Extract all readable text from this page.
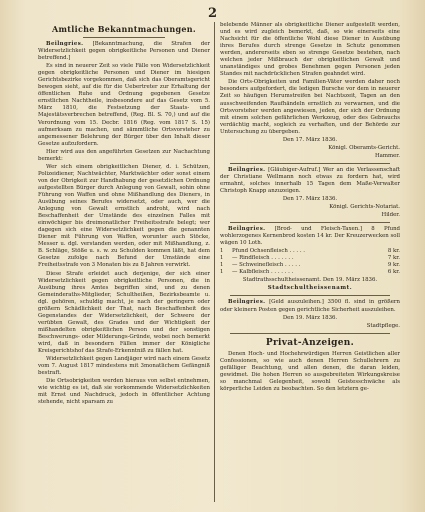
2
Amtliche Bekanntmachungen.

Beilngries. [Bekanntmachung, die Strafen der Widersetzlichkeit gegen obrigkeitliche Personen und Diener betreffend.]

Es sind in neuerer Zeit so viele Fälle von Widersetzlichkeit gegen obrigkeitliche Personen und Diener im hiesigen Gerichtsbezirke vorgekommen, daß sich das Oberamtsgericht bewogen sieht, auf die für die Uebertreter zur Erhaltung der öffentlichen Ruhe und Ordnung gegebenen Gesetze ernstlichen Nachtheile, insbesondere auf das Gesetz vom 5. März 1810, die Festsetzung der Staats- und Majestätsverbrechen betreffend, (Reg. Bl. S. 70,) und auf die Verordnung vom 15. Decbr. 1816 (Reg. vom 1817 S. 15) aufmerksam zu machen, und sämmtliche Ortsvorsteher zu angemessener Belehrung der Bürger über den Inhalt dieser Gesetze aufzufordern.

Hier wird aus den angeführten Gesetzen zur Nachachtung bemerkt:

Wer sich einem obrigkeitlichen Diener, d. i. Schützen, Polizeidiener, Nachtwächter, Marktwächter oder sonst einem von der Obrigkeit zur Handhabung der gesetzlichen Ordnung aufgestellten Bürger durch Anlegung von Gewalt, sohin ohne Führung von Waffen und ohne Mißhandlung des Dieners, in Ausübung seines Berufes widersetzt, oder auch, wer die Anlegung von Gewalt ernstlich androht, wird nach Beschaffenheit der Umstände des einzelnen Falles mit einwöchiger bis dreimonatlicher Freiheitsstrafe belegt; wer dagegen sich eine Widersetzlichkeit gegen die genannten Diener mit Führung von Waffen, worunter auch Stöcke, Messer u. dgl. verstanden werden, oder mit Mißhandlung, z. B. Schläge, Stöße u. s. w. zu Schulden kommen läßt, hat dem Gesetze zufolge nach Befund der Umstände eine Freiheitsstrafe von 3 Monaten bis zu 8 Jahren verwirkt.

Diese Strafe erleidet auch derjenige, der sich einer Widersetzlichkeit gegen obrigkeitliche Personen, die in Ausübung ihres Amtes begriffen sind, und zu denen Gemeinderaths-Mitglieder, Schultheißen, Bezirksbeamte u. dgl. gehören, schuldig macht, je nach der geringern oder größern Schädlichkeit der That, nach Beschaffenheit des Gegenstandes der Widersetzlichkeit, der Schwere der verübten Gewalt, des Grades und der Wichtigkeit der mißhandelten obrigkeitlichen Person und der sonstigen Beschwerungs- oder Milderungs-Gründe, wobei noch bemerkt wird, daß in besondern Fällen immer der Königliche Kreisgerichtshof das Strafe-Erkenntniß zu fällen hat.

Widersetzlichkeit gegen Landjäger wird nach einem Gesetz vom 7. August 1817 mindestens mit 3monatlichem Gefängniß bestraft.

Die Ortsobrigkeiten werden hieraus von selbst entnehmen, wie wichtig es ist, daß sie vorkommende Widersetzlichkeiten mit Ernst und Nachdruck, jedoch in öffentlicher Achtung stehende, nicht sparsam zu

belebende Männer als obrigkeitliche Diener aufgestellt werden, und es wird zugleich bemerkt, daß, so wie einerseits eine Nachsicht für die öffentliche Wohl diese Diener in Ausübung ihres Berufes durch strenge Gesetze in Schutz genommen werden, andererseits eben so strenge Gesetze bestehen, nach welchen jeder Mißbrauch der obrigkeitlichen Gewalt und unanständiges und grobes Benehmen gegen Personen jeden Standes mit nachdrücklichen Strafen geahndet wird.

Die Orts-Obrigkeiten und Familien-Väter werden daher noch besonders aufgefordert, die ledigen Bursche vor dem in neuerer Zeit so häufigen Herumstreifen bei Nachtszeit, Tagen an den ausschweifenden Raufhändeln ernstlich zu verwarnen, und die Ortsvorsteher werden angewiesen, jeden, der sich der Ordnung mit einem solchen gefährlichen Werkzeug, oder des Gebrauchs verdächtig macht, sogleich zu verhaften, und der Behörde zur Untersuchung zu übergeben.

Den 17. März 1836.
Königl. Oberamts-Gericht.
Hammer.

Beilngries. [Gläubiger-Aufruf.] Wer an die Verlassenschaft der Christiane Wellmann noch etwas zu fordern hat, wird ermahnt, solches innerhalb 15 Tagen dem Maße-Verwalter Christoph Knapp anzuzeigen.

Den 17. März 1836.
Königl. Gerichts-Notariat.
Hilder.

Beilngries. [Brod- und Fleisch-Taxen.] 8 Pfund wohlerzogenes Kernenbrod kosten 14 kr. Der Kreuzerwecken soll wägen 10 Loth.

1	Pfund Ochsenfleisch . . . . .	8 kr.
1	— Rindfleisch . . . . . . .	7 kr.
1	— Schweinefleisch . . . . .	9 kr.
1	— Kalbfleisch . . . . . . .	6 kr.
Stadtrathsschultheissenamt. Den 19. März 1836.
Stadtschultheissenamt.

Beilngries. [Geld auszuleihen.] 3500 fl. sind in größern oder kleinern Posten gegen gerichtliche Sicherheit auszuleihen.

Den 19. März 1836.
Stadtpflege.
Privat-Anzeigen.

Denen Hoch- und Hochehrwürdigen Herren Geistlichen aller Confessionen, so wie auch denen Herren Schullehrern zu gefälliger Beachtung, und allen denen, die daran leiden, gewidmet. Die hohen Herren so ausgebreiteten Wirkungskreise so manchmal Gelegenheit, sowohl Geistesschwäche als körperliche Leiden zu beobachten. So den letztern ge-
